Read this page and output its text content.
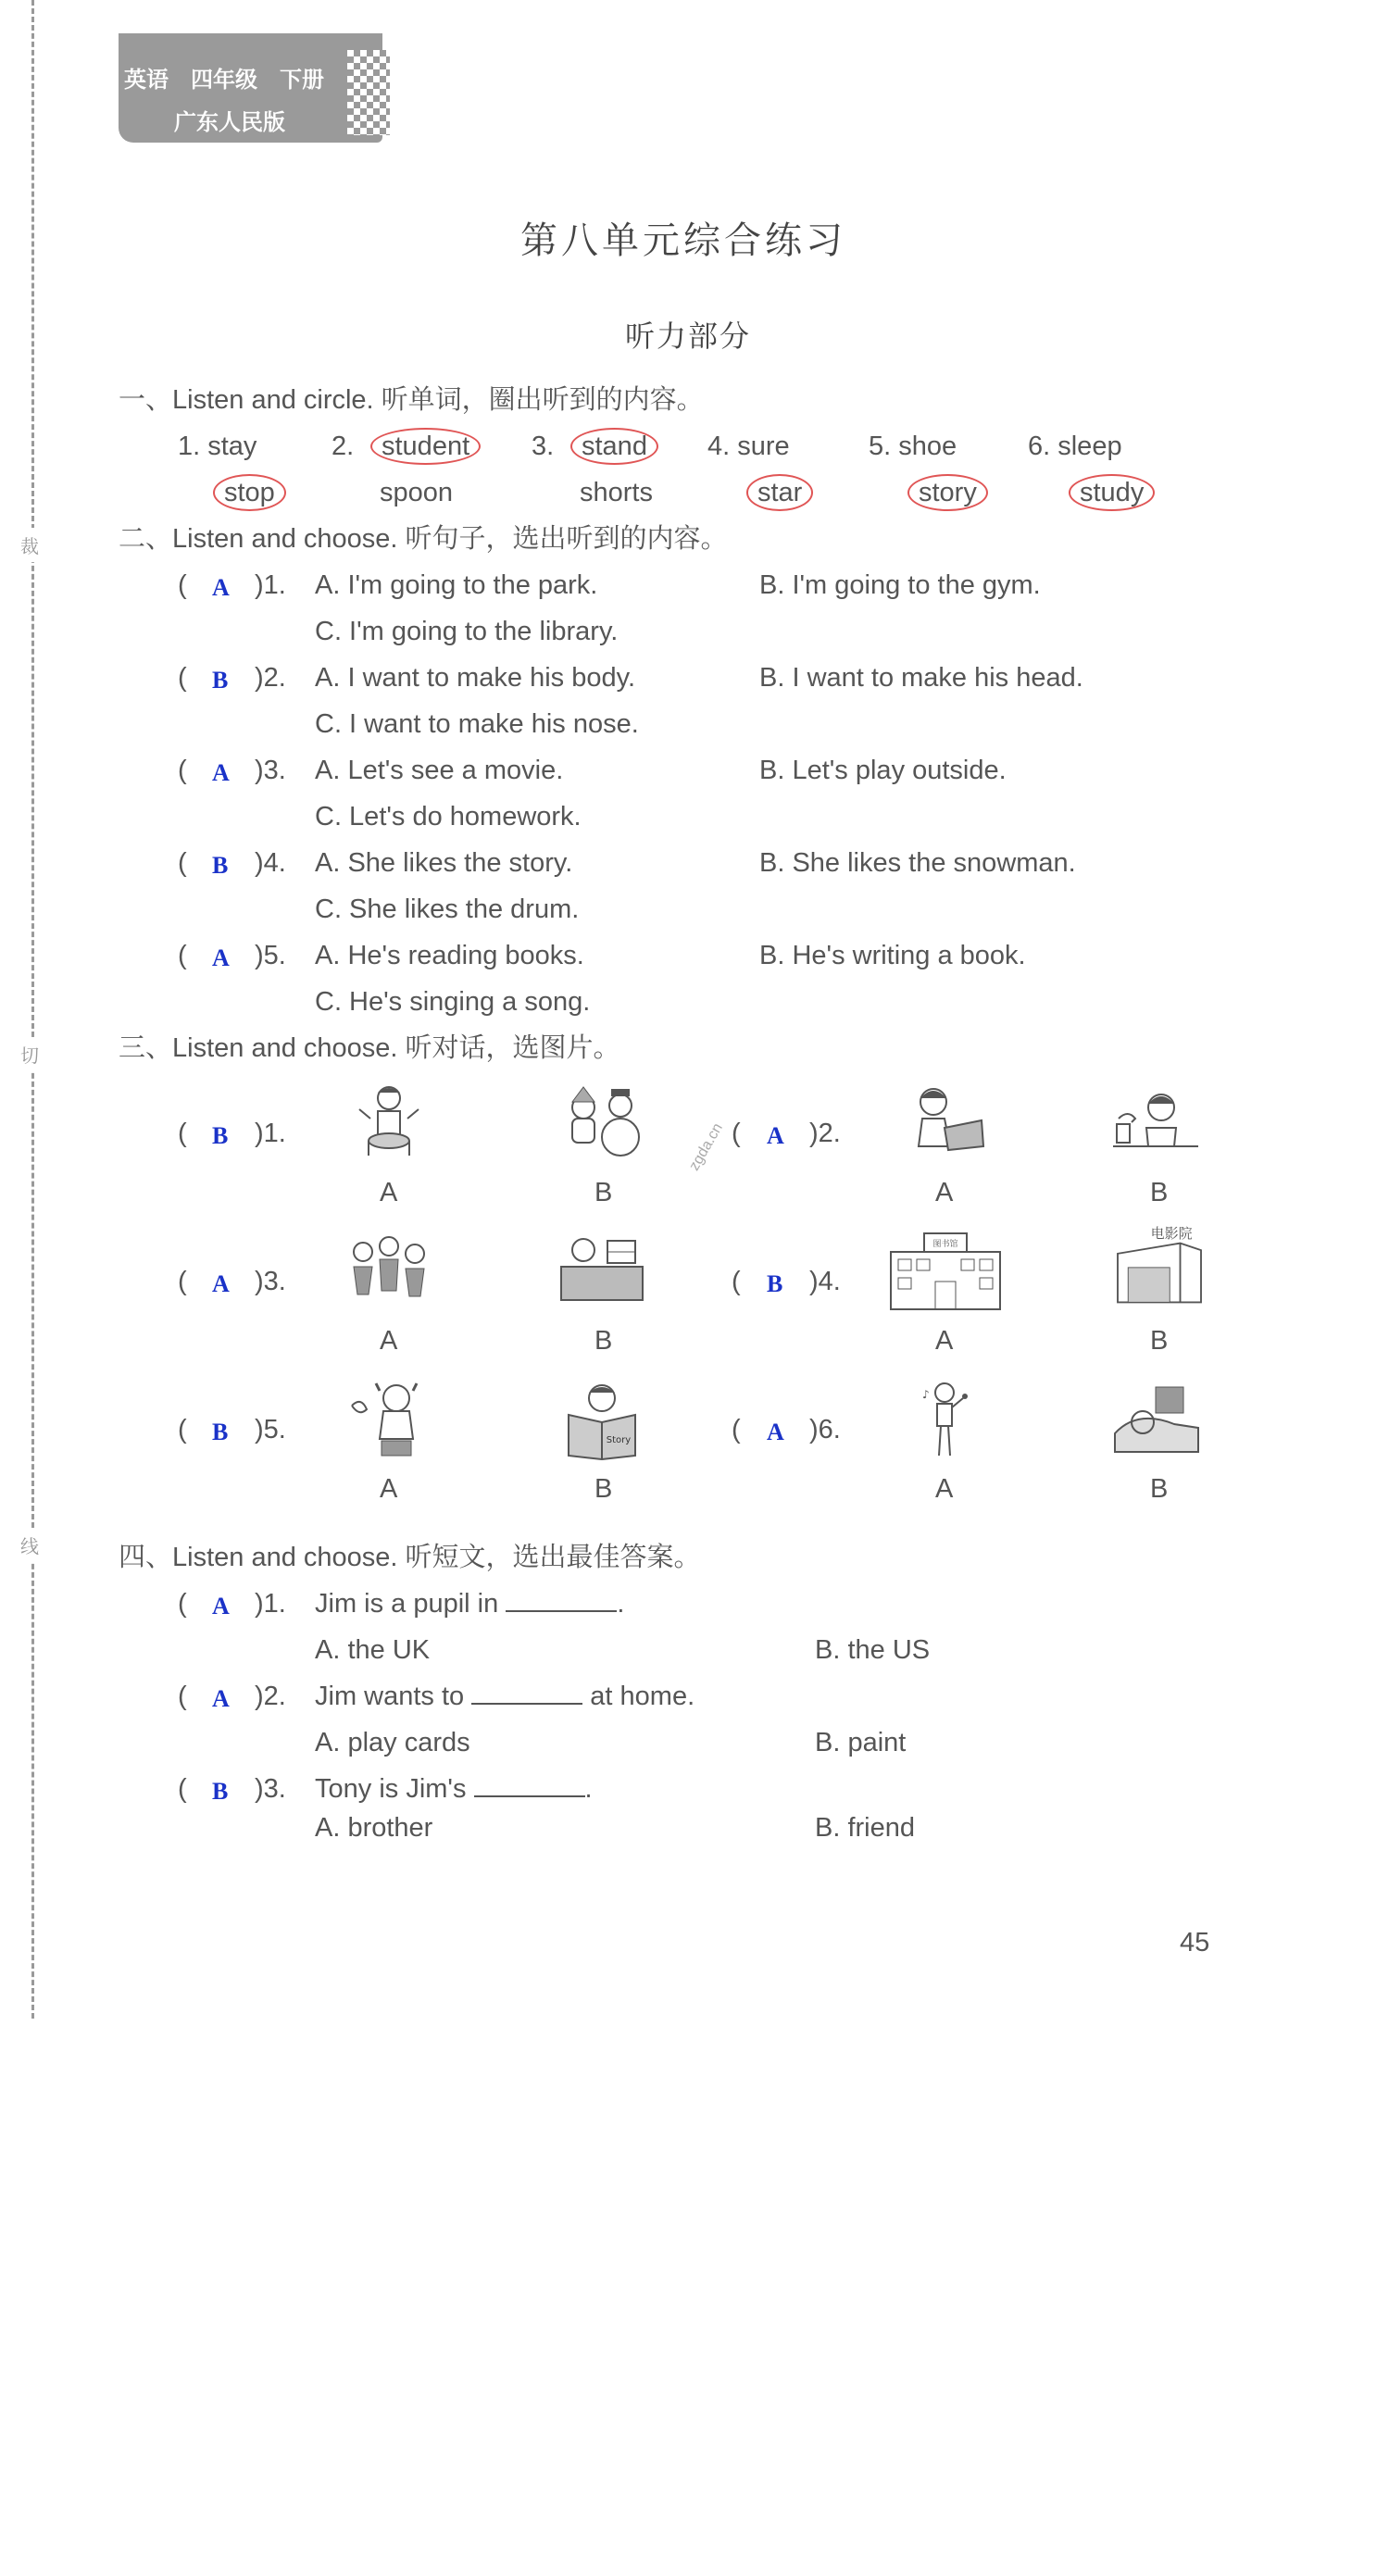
英语　四年级　下册
广东人民版
裁
切
线
第八单元综合练习
听力部分
一、Listen and circle. 听单词，圈出听到的内容。
1. stay	2. student	3. stand	4. sure	5. shoe	6. sleep
stop	spoon	shorts	star	story	study
二、Listen and choose. 听句子，选出听到的内容。
( A )1. A. I'm going to the park.	B. I'm going to the gym.
C. I'm going to the library.
( B )2. A. I want to make his body.	B. I want to make his head.
C. I want to make his nose.
( A )3. A. Let's see a movie.	B. Let's play outside.
C. Let's do homework.
( B )4. A. She likes the story.	B. She likes the snowman.
C. She likes the drum.
( A )5. A. He's reading books.	B. He's writing a book.
C. He's singing a song.
三、Listen and choose. 听对话，选图片。
( B )1.
A	B
( A )2.
A	B
( A )3.
A	B
( B )4.
图书馆
电影院
A	B
( B )5.	Story
A	B
( A )6.
♪
A	B
zgda.cn
四、Listen and choose. 听短文，选出最佳答案。
( A )1. Jim is a pupil in	.
A. the UK	B. the US
( A )2. Jim wants to	at home.
A. play cards	B. paint
( B )3. Tony is Jim's	.
A. brother	B. friend
45
